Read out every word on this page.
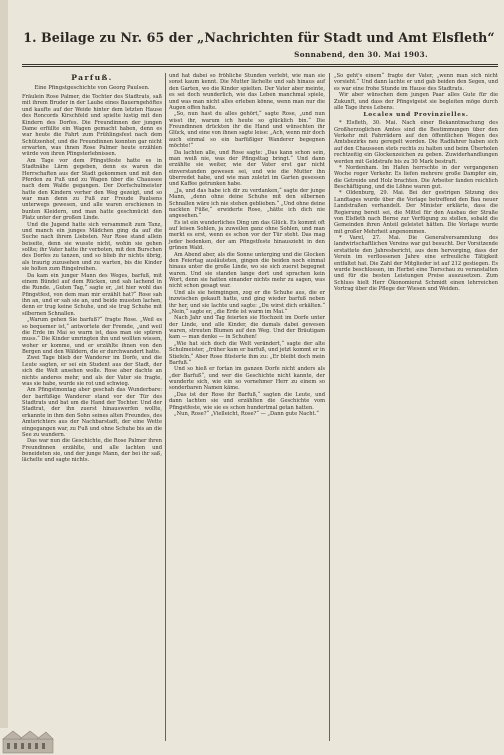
1. Beilage zu Nr. 65 der „Nachrichten für Stadt und Amt Elsfleth“
Sonnabend, den 30. Mai 1903.
Parfuß.
Eine Pfingstgeschichte von Georg Paulsen.

Fräulein Rose Palmer, die Tochter des Stadtrats, saß mit ihrem Bruder in der Laube eines Bauerngehöftes und kaufte auf der Weide hinter dem letzten Hause des Roncords Kirschfeld und spielte lustig mit den Kindern des Dorfes. Die Freundinnen der jungen Dame erfüllte ein Wagen gemacht haben, denn es war heute die Fahrt zum Frühlingsfest nach dem Schützenhof, und die Freundinnen konnten gar nicht erwarten, was ihnen Rose Palmer heute erzählen würde von ihren Pfingsterlebnissen.

Am Tage vor dem Pfingstfeste hatte es in Stadtnähe Lärm gegeben, denn es waren die Herrschaften aus der Stadt gekommen und mit den Pferden zu Fuß und zu Wagen über die Chaussee nach dem Walde gegangen. Der Dorfschulmeister hatte den Kindern vorher den Weg gezeigt, und so war man denn zu Fuß zur Freude Paulsens unterwegs gewesen, und alle waren erschienen in bunten Kleidern, und man hatte geschmückt den Platz unter der großen Linde.

Und die Jugend hatte sich versammelt zum Tanz, und manch ein junges Mädchen ging da auf die Suche nach ihrem Liebsten. Nur Rose stand allein beiseite, denn sie wusste nicht, wohin sie gehen sollte; ihr Vater hatte ihr verboten, mit den Burschen des Dorfes zu tanzen, und so blieb ihr nichts übrig, als traurig zuzusehen und zu warten, bis die Kinder sie holten zum Ringelreihen.

Da kam ein junger Mann des Weges, barfuß, mit einem Bündel auf dem Rücken, und sah lachend in die Runde. „Guten Tag,“ sagte er, „ist hier wohl das Pfingstfest, von dem man mir erzählt hat?“ Rose sah ihn an, und er sah sie an, und beide mussten lachen, denn er trug keine Schuhe, und sie trug Schuhe mit silbernen Schnallen.

„Warum gehen Sie barfuß?“ fragte Rose. „Weil es so bequemer ist,“ antwortete der Fremde, „und weil die Erde im Mai so warm ist, dass man sie spüren muss.“ Die Kinder umringten ihn und wollten wissen, woher er komme, und er erzählte ihnen von den Bergen und den Wäldern, die er durchwandert hatte.

Zwei Tage blieb der Wanderer im Dorfe, und die Leute sagten, er sei ein Student aus der Stadt, der sich die Welt ansehen wolle. Rose aber dachte an nichts anderes mehr, und als der Vater sie fragte, was sie habe, wurde sie rot und schwieg.

Am Pfingstmontag aber geschah das Wunderbare: der barfüßige Wanderer stand vor der Tür des Stadtrats und bat um die Hand der Tochter. Und der Stadtrat, der ihn zuerst hinauswerfen wollte, erkannte in ihm den Sohn seines alten Freundes, des Amtsrichters aus der Nachbarstadt, der eine Wette eingegangen war, zu Fuß und ohne Schuhe bis an die See zu wandern.

Das war nun die Geschichte, die Rose Palmer ihren Freundinnen erzählte, und alle lachten und beneideten sie, und der junge Mann, der bei ihr saß, lächelte und sagte nichts.

und hat dabei so fröhliche Stunden verlebt, wie man sie sonst kaum kennt. Die Mutter lächelte und sah hinaus auf den Garten, wo die Kinder spielten. Der Vater aber meinte, es sei doch wunderlich, wie das Leben manchmal spiele, und was man nicht alles erleben könne, wenn man nur die Augen offen halte.

„So, nun hast du alles gehört,“ sagte Rose, „und nun wisst ihr, warum ich heute so glücklich bin.“ Die Freundinnen drückten ihr die Hand und wünschten ihr Glück, und eine von ihnen sagte leise: „Ach, wenn mir doch auch einmal so ein barfüßiger Wanderer begegnen möchte!“

Da lachten alle, und Rose sagte: „Das kann schon sein, man weiß nie, was der Pfingsttag bringt.“ Und dann erzählte sie weiter, wie der Vater erst gar nicht einverstanden gewesen sei, und wie die Mutter ihn überredet habe, und wie man zuletzt im Garten gesessen und Kaffee getrunken habe.

„Ja, und das habe ich dir zu verdanken,“ sagte der junge Mann, „denn ohne deine Schuhe mit den silbernen Schnallen wäre ich nie stehen geblieben.“ „Und ohne deine nackten Füße,“ erwiderte Rose, „hätte ich dich nie angesehen.“

Es ist ein wunderliches Ding um das Glück. Es kommt oft auf leisen Sohlen, ja zuweilen ganz ohne Sohlen, und man merkt es erst, wenn es schon vor der Tür steht. Das mag jeder bedenken, der am Pfingstfeste hinauszieht in den grünen Wald.

Am Abend aber, als die Sonne unterging und die Glocken den Feiertag ausläuteten, gingen die beiden noch einmal hinaus unter die große Linde, wo sie sich zuerst begegnet waren. Und sie standen lange dort und sprachen kein Wort, denn sie hatten einander nichts mehr zu sagen, was nicht schon gesagt war.

Und als sie heimgingen, zog er die Schuhe aus, die er inzwischen gekauft hatte, und ging wieder barfuß neben ihr her, und sie lachte und sagte: „Du wirst dich erkälten.“ „Nein,“ sagte er, „die Erde ist warm im Mai.“

Nach Jahr und Tag feierten sie Hochzeit im Dorfe unter der Linde, und alle Kinder, die damals dabei gewesen waren, streuten Blumen auf den Weg. Und der Bräutigam kam — man denke — in Schuhen!

„Wie hat sich doch die Welt verändert,“ sagte der alte Schulmeister, „früher kam er barfuß, und jetzt kommt er in Stiefeln.“ Aber Rose flüsterte ihm zu: „Er bleibt doch mein Barfuß.“

Und so hieß er fortan im ganzen Dorfe nicht anders als „der Barfuß“, und wer die Geschichte nicht kannte, der wunderte sich, wie ein so vornehmer Herr zu einem so sonderbaren Namen käme.

„Das ist der Rose ihr Barfuß,“ sagten die Leute, und dann lachten sie und erzählten die Geschichte vom Pfingstfeste, wie sie es schon hundertmal getan hatten.

„Nun, Rose?“ „Vielleicht, Rose?“ — „Dann gute Nacht.“

„So geht's einem“ fragte der Vater, „wenn man sich nicht vorsieht.“ Und dann lachte er und gab beiden den Segen, und es war eine frohe Stunde im Hause des Stadtrats.

Wir aber wünschen dem jungen Paar alles Gute für die Zukunft, und dass der Pfingstgeist sie begleiten möge durch alle Tage ihres Lebens.

Locales und Provinzielles.

* Elsfleth, 30. Mai. Nach einer Bekanntmachung des Großherzoglichen Amtes sind die Bestimmungen über den Verkehr mit Fahrrädern auf den öffentlichen Wegen des Amtsbezirks neu geregelt worden. Die Radfahrer haben sich auf den Chausseen stets rechts zu halten und beim Überholen rechtzeitig ein Glockenzeichen zu geben. Zuwiderhandlungen werden mit Geldstrafe bis zu 30 Mark bestraft.

* Nordenham. Im Hafen herrschte in der vergangenen Woche reger Verkehr. Es liefen mehrere große Dampfer ein, die Getreide und Holz brachten. Die Arbeiter fanden reichlich Beschäftigung, und die Löhne waren gut.

* Oldenburg, 29. Mai. Bei der gestrigen Sitzung des Landtages wurde über die Vorlage betreffend den Bau neuer Landstraßen verhandelt. Der Minister erklärte, dass die Regierung bereit sei, die Mittel für den Ausbau der Straße von Elsfleth nach Berne zur Verfügung zu stellen, sobald die Gemeinden ihren Anteil geleistet hätten. Die Vorlage wurde mit großer Mehrheit angenommen.

* Varel, 27. Mai. Die Generalversammlung des landwirtschaftlichen Vereins war gut besucht. Der Vorsitzende erstattete den Jahresbericht, aus dem hervorging, dass der Verein im verflossenen Jahre eine erfreuliche Tätigkeit entfaltet hat. Die Zahl der Mitglieder ist auf 212 gestiegen. Es wurde beschlossen, im Herbst eine Tierschau zu veranstalten und für die besten Leistungen Preise auszusetzen. Zum Schluss hielt Herr Ökonomierat Schmidt einen lehrreichen Vortrag über die Pflege der Wiesen und Weiden.
